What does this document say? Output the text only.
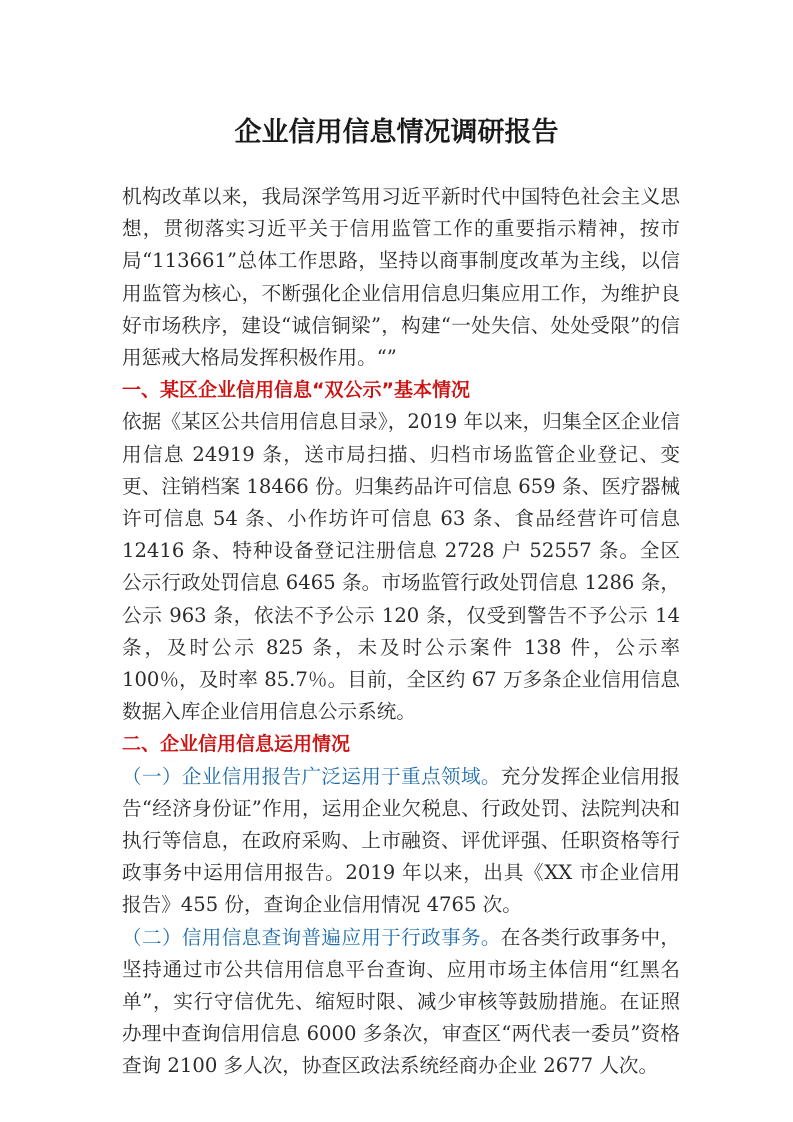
企业信用信息情况调研报告

机构改革以来，我局深学笃用习近平新时代中国特色社会主义思想，贯彻落实习近平关于信用监管工作的重要指示精神，按市局“113661”总体工作思路，坚持以商事制度改革为主线，以信用监管为核心，不断强化企业信用信息归集应用工作，为维护良好市场秩序，建设“诚信铜梁”，构建“一处失信、处处受限”的信用惩戒大格局发挥积极作用。“”

一、某区企业信用信息“双公示”基本情况

依据《某区公共信用信息目录》，2019 年以来，归集全区企业信用信息 24919 条，送市局扫描、归档市场监管企业登记、变更、注销档案 18466 份。归集药品许可信息 659 条、医疗器械许可信息 54 条、小作坊许可信息 63 条、食品经营许可信息 12416 条、特种设备登记注册信息 2728 户 52557 条。全区公示行政处罚信息 6465 条。市场监管行政处罚信息 1286 条，公示 963 条，依法不予公示 120 条，仅受到警告不予公示 14 条，及时公示 825 条，未及时公示案件 138 件，公示率 100％，及时率 85.7％。目前，全区约 67 万多条企业信用信息数据入库企业信用信息公示系统。

二、企业信用信息运用情况

（一）企业信用报告广泛运用于重点领域。充分发挥企业信用报告“经济身份证”作用，运用企业欠税息、行政处罚、法院判决和执行等信息，在政府采购、上市融资、评优评强、任职资格等行政事务中运用信用报告。2019 年以来，出具《XX 市企业信用报告》455 份，查询企业信用情况 4765 次。

（二）信用信息查询普遍应用于行政事务。在各类行政事务中，坚持通过市公共信用信息平台查询、应用市场主体信用“红黑名单”，实行守信优先、缩短时限、减少审核等鼓励措施。在证照办理中查询信用信息 6000 多条次，审查区“两代表一委员”资格查询 2100 多人次，协查区政法系统经商办企业 2677 人次。
